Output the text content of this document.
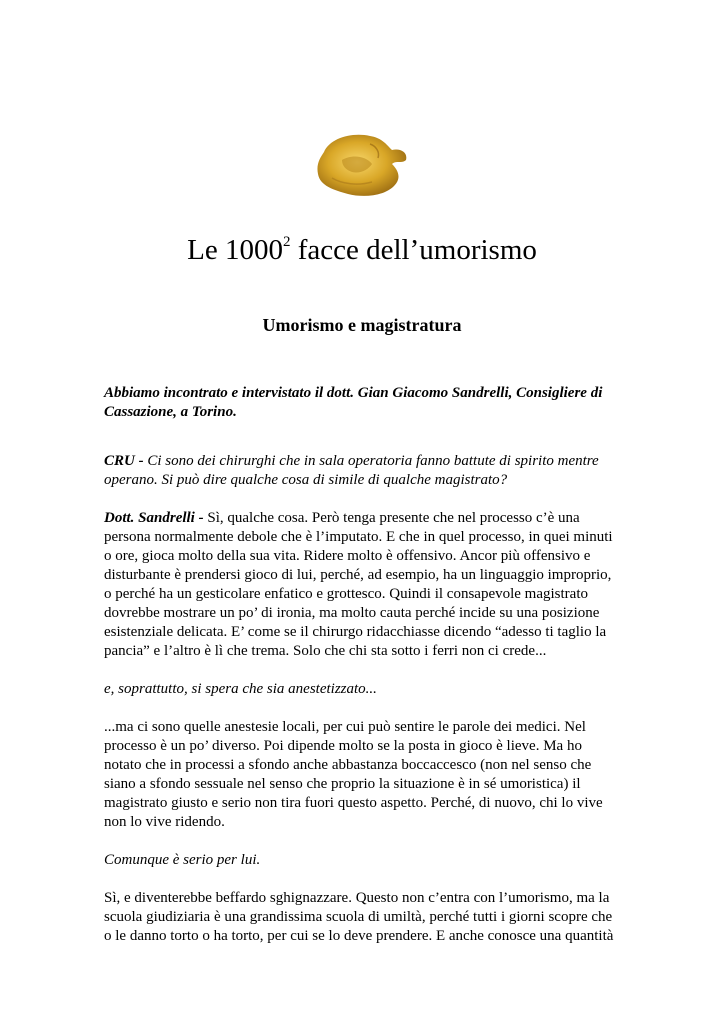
Le 1000$^2$ facce dell’umorismo
Umorismo e magistratura

Abbiamo incontrato e intervistato il dott. Gian Giacomo Sandrelli, Consigliere di Cassazione, a Torino.

CRU - Ci sono dei chirurghi che in sala operatoria fanno battute di spirito mentre operano. Si può dire qualche cosa di simile di qualche magistrato?

Dott. Sandrelli - Sì, qualche cosa. Però tenga presente che nel processo c’è una persona normalmente debole che è l’imputato. E che in quel processo, in quei minuti o ore, gioca molto della sua vita. Ridere molto è offensivo. Ancor più offensivo e disturbante è prendersi gioco di lui, perché, ad esempio, ha un linguaggio improprio, o perché ha un gesticolare enfatico e grottesco. Quindi il consapevole magistrato dovrebbe mostrare un po’ di ironia, ma molto cauta perché incide su una posizione esistenziale delicata. E’ come se il chirurgo ridacchiasse dicendo “adesso ti taglio la pancia” e l’altro è lì che trema. Solo che chi sta sotto i ferri non ci crede...

e, soprattutto, si spera che sia anestetizzato...

...ma ci sono quelle anestesie locali, per cui può sentire le parole dei medici. Nel processo è un po’ diverso. Poi dipende molto se la posta in gioco è lieve. Ma ho notato che in processi a sfondo anche abbastanza boccaccesco (non nel senso che siano a sfondo sessuale nel senso che proprio la situazione è in sé umoristica) il magistrato giusto e serio non tira fuori questo aspetto. Perché, di nuovo, chi lo vive non lo vive ridendo.

Comunque è serio per lui.

Sì, e diventerebbe beffardo sghignazzare. Questo non c’entra con l’umorismo, ma la scuola giudiziaria è una grandissima scuola di umiltà, perché tutti i giorni scopre che o le danno torto o ha torto, per cui se lo deve prendere. E anche conosce una quantità
